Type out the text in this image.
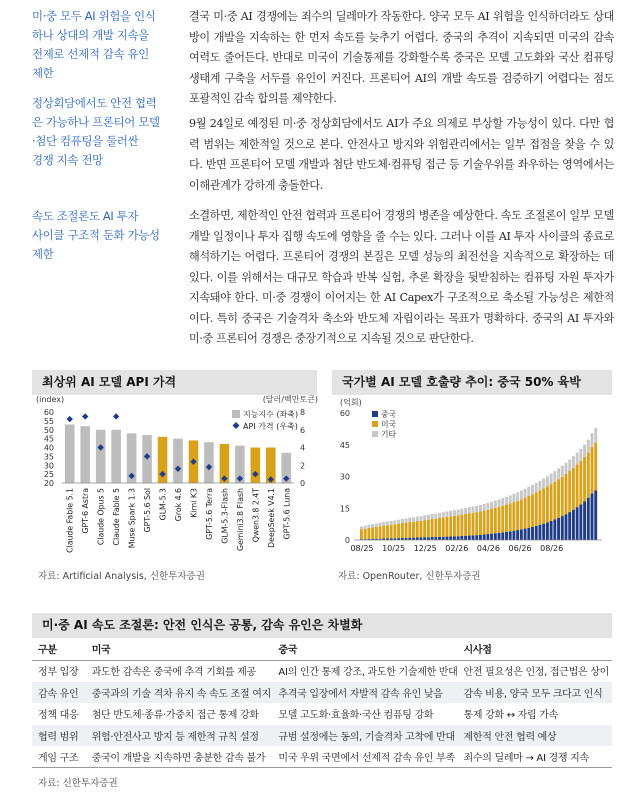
미·중 모두 AI 위험을 인식
하나 상대의 개발 지속을
전제로 선제적 감속 유인
제한
정상회담에서도 안전 협력
은 가능하나 프론티어 모델
·첨단 컴퓨팅을 둘러싼
경쟁 지속 전망
속도 조절론도 AI 투자
사이클 구조적 둔화 가능성
제한
결국 미·중 AI 경쟁에는 죄수의 딜레마가 작동한다. 양국 모두 AI 위험을 인식하더라도 상대방이 개발을 지속하는 한 먼저 속도를 늦추기 어렵다. 중국의 추격이 지속되면 미국의 감속 여력도 줄어든다. 반대로 미국이 기술통제를 강화할수록 중국은 모델 고도화와 국산 컴퓨팅 생태계 구축을 서두를 유인이 커진다. 프론티어 AI의 개발 속도를 검증하기 어렵다는 점도 포괄적인 감속 합의를 제약한다.
9월 24일로 예정된 미·중 정상회담에서도 AI가 주요 의제로 부상할 가능성이 있다. 다만 협력 범위는 제한적일 것으로 본다. 안전사고 방지와 위험관리에서는 일부 접점을 찾을 수 있다. 반면 프론티어 모델 개발과 첨단 반도체·컴퓨팅 접근 등 기술우위를 좌우하는 영역에서는 이해관계가 강하게 충돌한다.
소결하면, 제한적인 안전 협력과 프론티어 경쟁의 병존을 예상한다. 속도 조절론이 일부 모델 개발 일정이나 투자 집행 속도에 영향을 줄 수는 있다. 그러나 이를 AI 투자 사이클의 종료로 해석하기는 어렵다. 프론티어 경쟁의 본질은 모델 성능의 최전선을 지속적으로 확장하는 데 있다. 이를 위해서는 대규모 학습과 반복 실험, 추론 확장을 뒷받침하는 컴퓨팅 자원 투자가 지속돼야 한다. 미·중 경쟁이 이어지는 한 AI Capex가 구조적으로 축소될 가능성은 제한적이다. 특히 중국은 기술격차 축소와 반도체 자립이라는 목표가 명확하다. 중국의 AI 투자와 미·중 프론티어 경쟁은 중장기적으로 지속될 것으로 판단한다.
최상위 AI 모델 API 가격
(index)	(달러/백만토큰)
20
25
30
35
40
45
50
55
60
0
2
4
6
8
Claude Fable 5.1 GPT-6 Astra Claude Opus 5 Claude Fable 5 Muse Spark 1.3 GPT-5.6 Sol GLM-5.3 Grok 4.6 Kimi K3 GPT-5.6 Terra GLM-5.3-Flash Gemini3.8 Flash Qwen3.8 2.4T DeepSeek V4.1 GPT-5.6 Luna
지능지수 (좌축)
API 가격 (우축)
자료: Artificial Analysis, 신한투자증권
국가별 AI 모델 호출량 추이: 중국 50% 육박
(억회)
0
15
30
45
60
08/25 10/25 12/25 02/26 04/26 06/26 08/26
중국
미국
기타
자료: OpenRouter, 신한투자증권
미·중 AI 속도 조절론: 안전 인식은 공통, 감속 유인은 차별화
구분	미국	중국	시사점
정부 입장	과도한 감속은 중국에 추격 기회를 제공	AI의 인간 통제 강조, 과도한 기술제한 반대	안전 필요성은 인정, 접근법은 상이
감속 유인	중국과의 기술 격차 유지 속 속도 조절 여지	추격국 입장에서 자발적 감속 유인 낮음	감속 비용, 양국 모두 크다고 인식
정책 대응	첨단 반도체·종류·가중치 접근 통제 강화	모델 고도화·효율화·국산 컴퓨팅 강화	통제 강화 ↔ 자립 가속
협력 범위	위험·안전사고 방지 등 제한적 규칙 설정	규범 설정에는 동의, 기술격차 고착에 반대	제한적 안전 협력 예상
게임 구조	중국이 개발을 지속하면 충분한 감속 불가	미국 우위 국면에서 선제적 감속 유인 부족	죄수의 딜레마 → AI 경쟁 지속
자료: 신한투자증권
